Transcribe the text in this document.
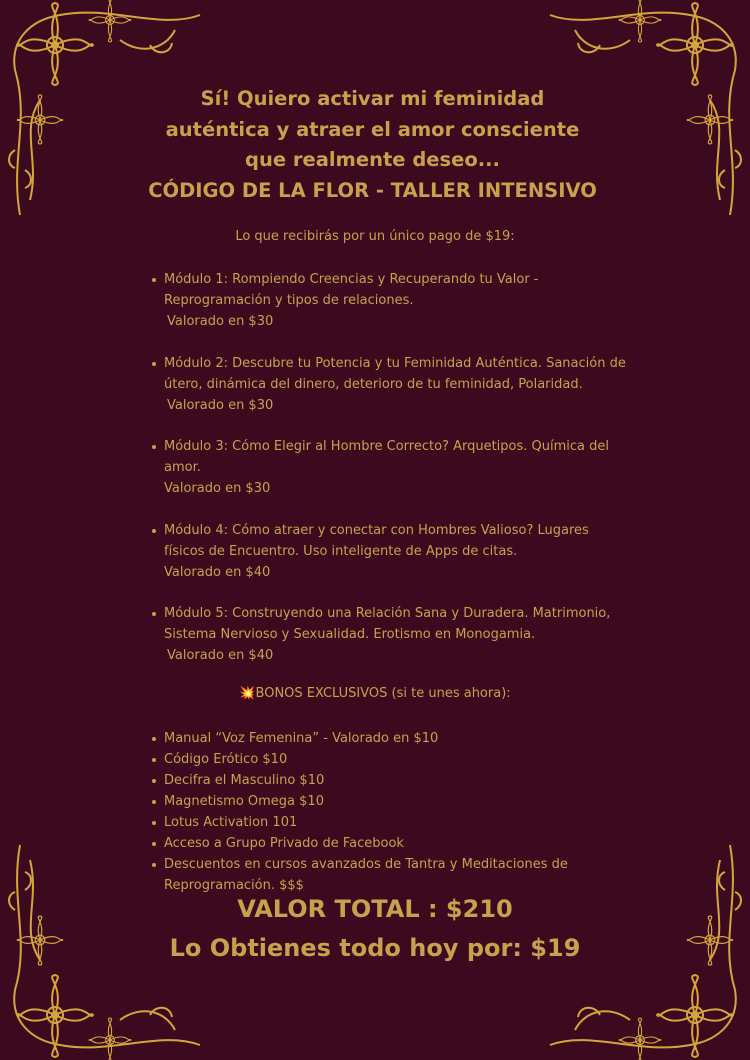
Sí! Quiero activar mi feminidad
auténtica y atraer el amor consciente
que realmente deseo...
CÓDIGO DE LA FLOR - TALLER INTENSIVO
Lo que recibirás por un único pago de $19:
Módulo 1: Rompiendo Creencias y Recuperando tu Valor - Reprogramación y tipos de relaciones.
Valorado en $30
Módulo 2: Descubre tu Potencia y tu Feminidad Auténtica. Sanación de útero, dinámica del dinero, deterioro de tu feminidad, Polaridad.
Valorado en $30
Módulo 3: Cómo Elegir al Hombre Correcto? Arquetipos. Química del amor.
Valorado en $30
Módulo 4: Cómo atraer y conectar con Hombres Valioso? Lugares físicos de Encuentro. Uso inteligente de Apps de citas.
Valorado en $40
Módulo 5: Construyendo una Relación Sana y Duradera. Matrimonio, Sistema Nervioso y Sexualidad. Erotismo en Monogamia.
Valorado en $40
💥BONOS EXCLUSIVOS (si te unes ahora):
Manual “Voz Femenina” - Valorado en $10
Código Erótico $10
Decifra el Masculino $10
Magnetismo Omega $10
Lotus Activation 101
Acceso a Grupo Privado de Facebook
Descuentos en cursos avanzados de Tantra y Meditaciones de Reprogramación. $$$
VALOR TOTAL : $210
Lo Obtienes todo hoy por: $19
